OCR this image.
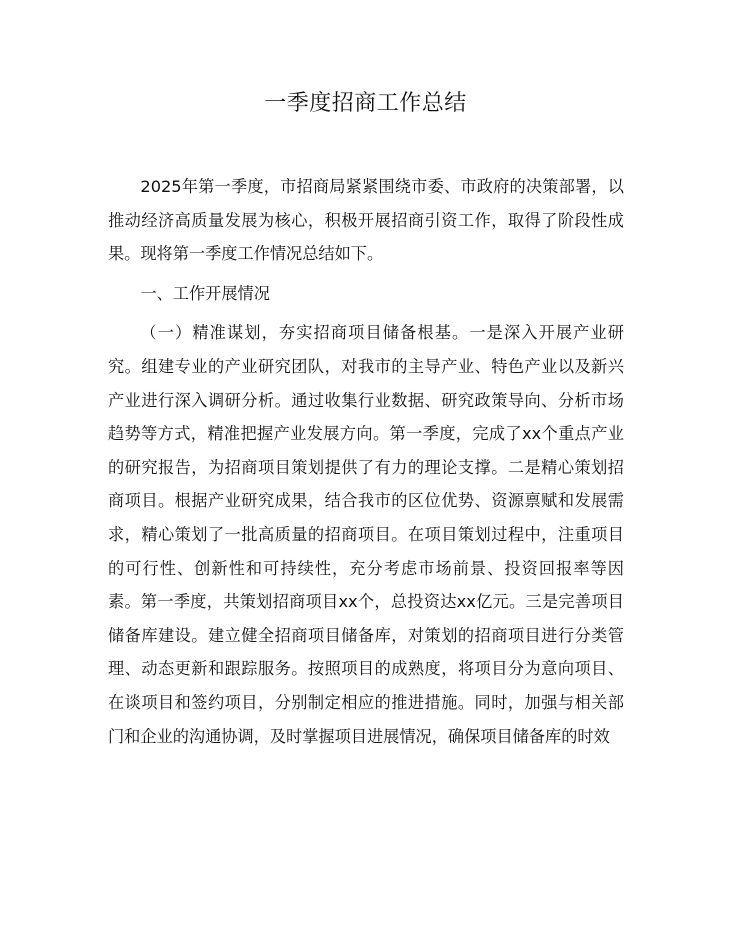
一季度招商工作总结

2025年第一季度，市招商局紧紧围绕市委、市政府的决策部署，以推动经济高质量发展为核心，积极开展招商引资工作，取得了阶段性成果。现将第一季度工作情况总结如下。

一、工作开展情况

（一）精准谋划，夯实招商项目储备根基。一是深入开展产业研究。组建专业的产业研究团队，对我市的主导产业、特色产业以及新兴产业进行深入调研分析。通过收集行业数据、研究政策导向、分析市场趋势等方式，精准把握产业发展方向。第一季度，完成了xx个重点产业的研究报告，为招商项目策划提供了有力的理论支撑。二是精心策划招商项目。根据产业研究成果，结合我市的区位优势、资源禀赋和发展需求，精心策划了一批高质量的招商项目。在项目策划过程中，注重项目的可行性、创新性和可持续性，充分考虑市场前景、投资回报率等因素。第一季度，共策划招商项目xx个，总投资达xx亿元。三是完善项目储备库建设。建立健全招商项目储备库，对策划的招商项目进行分类管理、动态更新和跟踪服务。按照项目的成熟度，将项目分为意向项目、在谈项目和签约项目，分别制定相应的推进措施。同时，加强与相关部门和企业的沟通协调，及时掌握项目进展情况，确保项目储备库的时效
